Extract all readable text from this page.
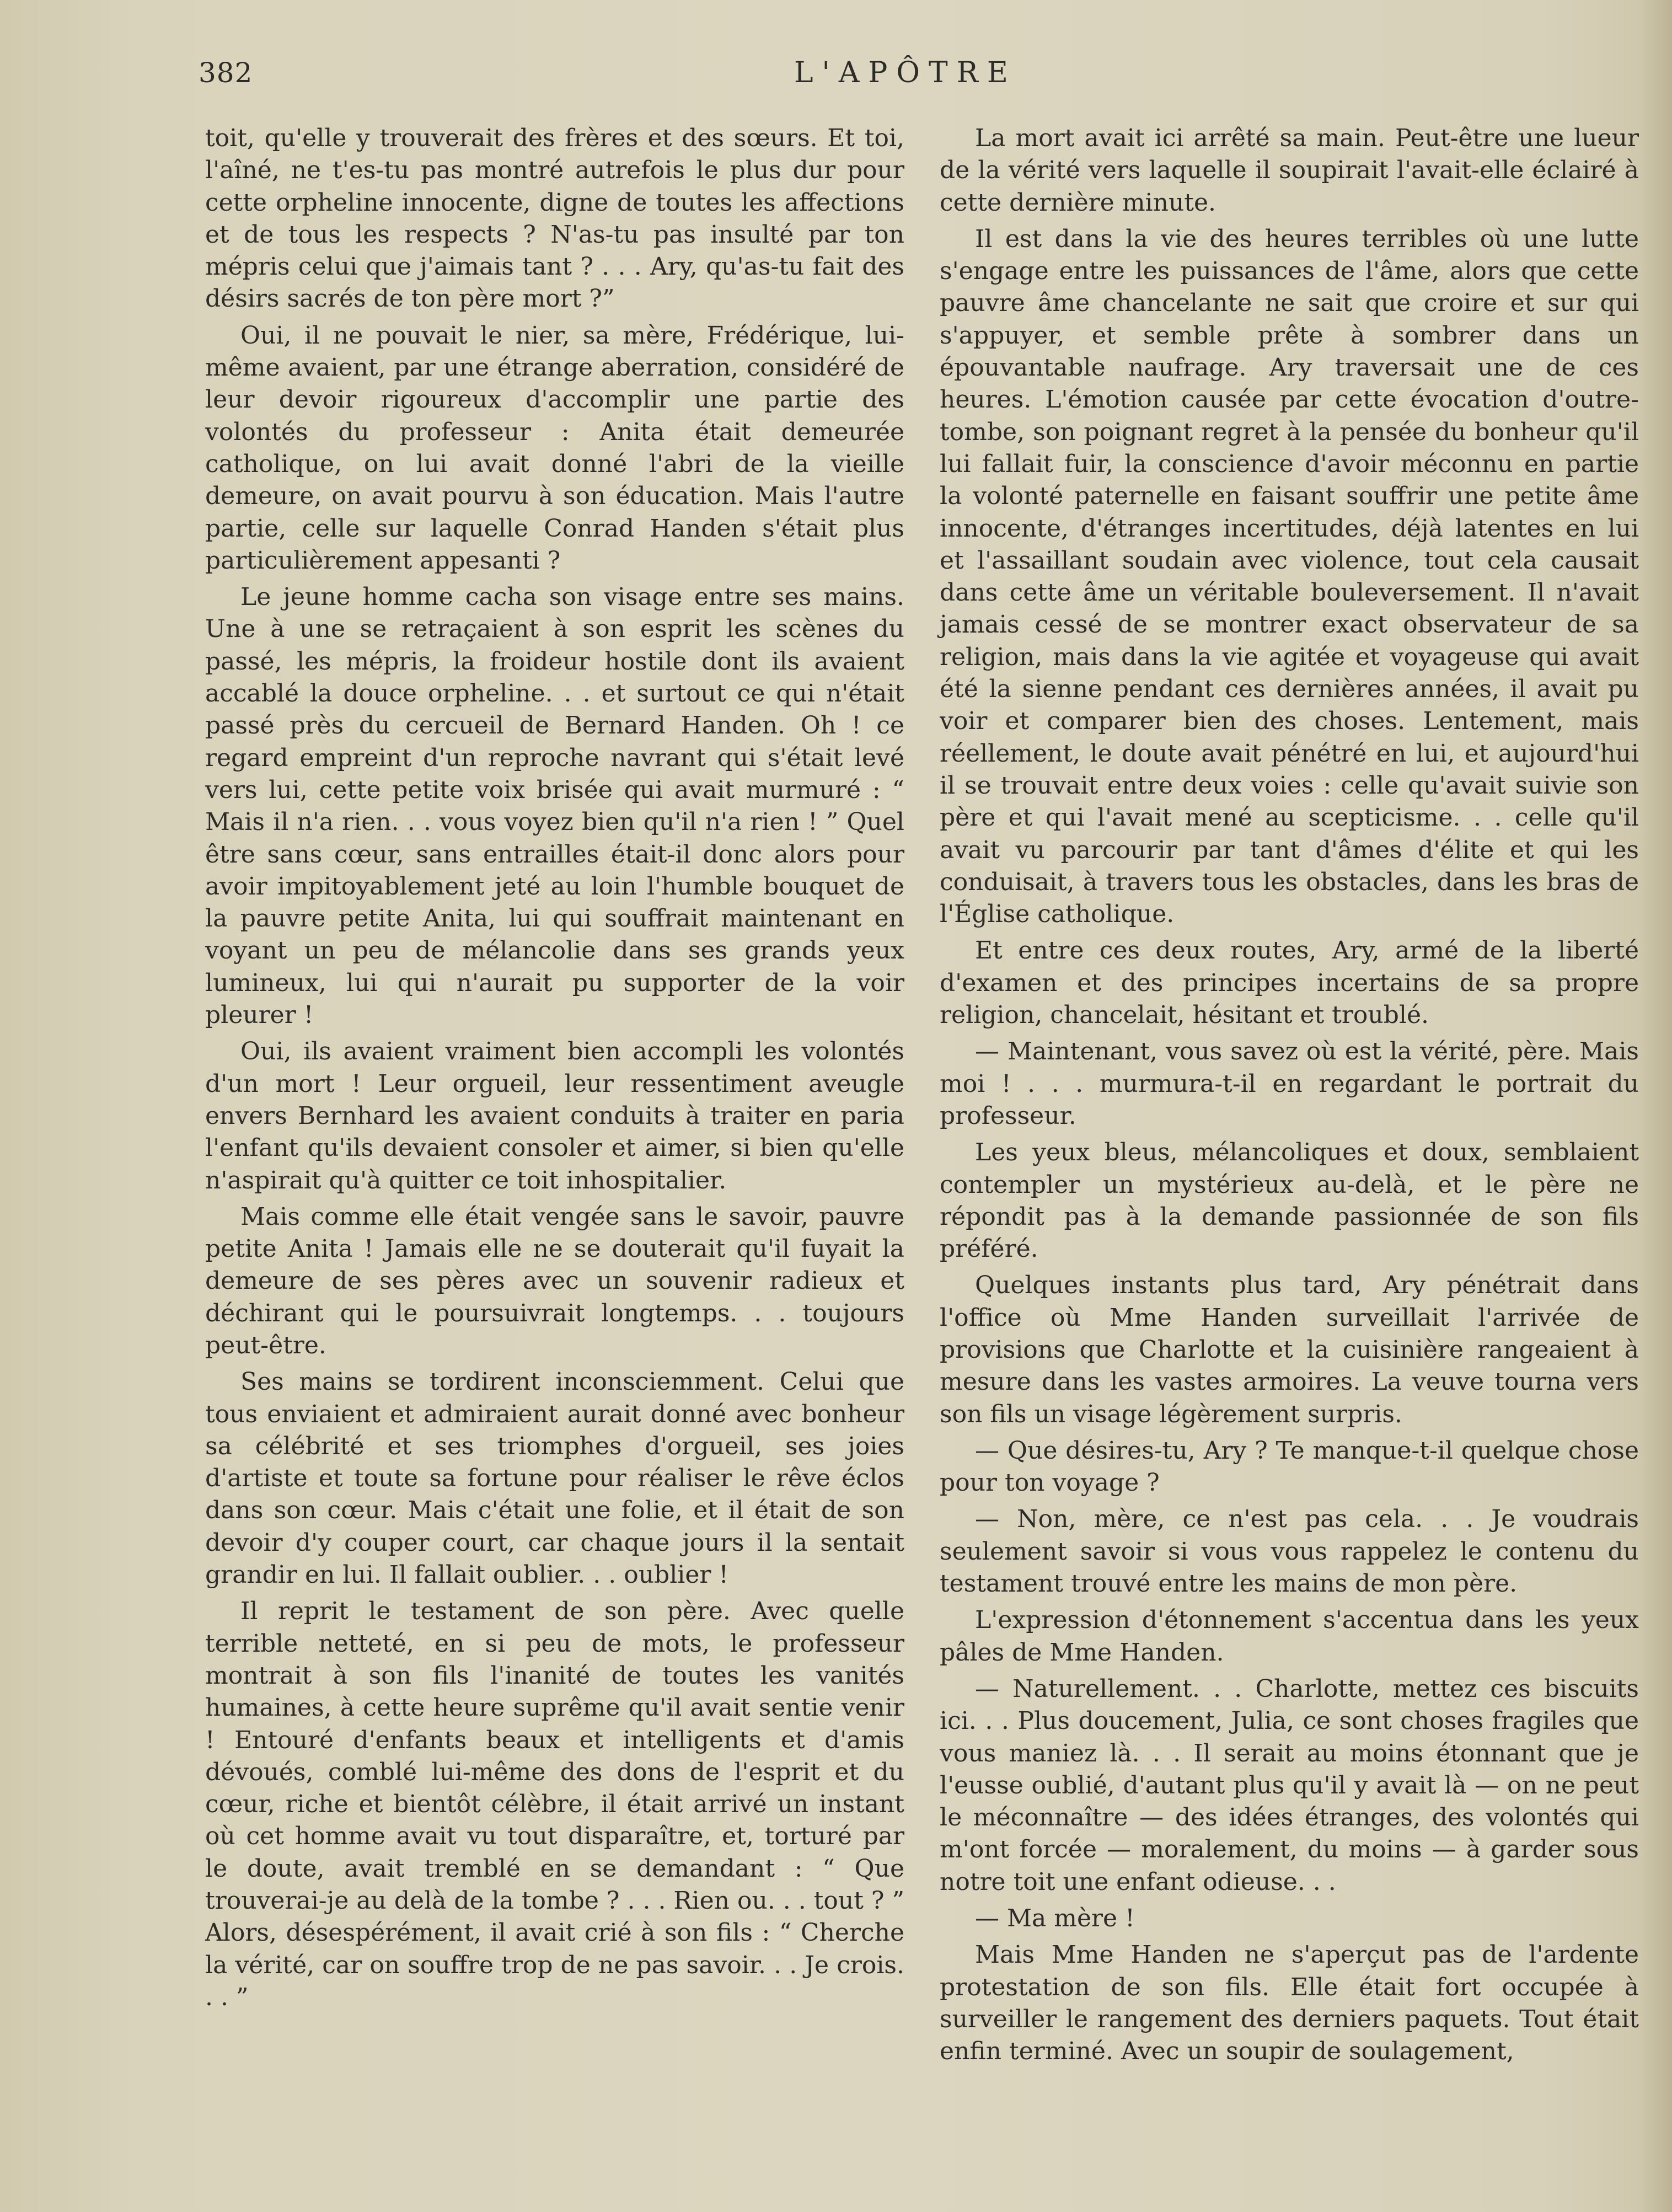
382	L'APÔTRE

toit, qu'elle y trouverait des frères et des sœurs. Et toi, l'aîné, ne t'es-tu pas montré autrefois le plus dur pour cette orpheline innocente, digne de toutes les affections et de tous les respects ? N'as-tu pas insulté par ton mépris celui que j'aimais tant ? . . . Ary, qu'as-tu fait des désirs sacrés de ton père mort ?”

Oui, il ne pouvait le nier, sa mère, Frédérique, lui-même avaient, par une étrange aberration, considéré de leur devoir rigoureux d'accomplir une partie des volontés du professeur : Anita était demeurée catholique, on lui avait donné l'abri de la vieille demeure, on avait pourvu à son éducation. Mais l'autre partie, celle sur laquelle Conrad Handen s'était plus particulièrement appesanti ?

Le jeune homme cacha son visage entre ses mains. Une à une se retraçaient à son esprit les scènes du passé, les mépris, la froideur hostile dont ils avaient accablé la douce orpheline. . . et surtout ce qui n'était passé près du cercueil de Bernard Handen. Oh ! ce regard empreint d'un reproche navrant qui s'était levé vers lui, cette petite voix brisée qui avait murmuré : “ Mais il n'a rien. . . vous voyez bien qu'il n'a rien ! ” Quel être sans cœur, sans entrailles était-il donc alors pour avoir impitoyablement jeté au loin l'humble bouquet de la pauvre petite Anita, lui qui souffrait maintenant en voyant un peu de mélancolie dans ses grands yeux lumineux, lui qui n'aurait pu supporter de la voir pleurer !

Oui, ils avaient vraiment bien accompli les volontés d'un mort ! Leur orgueil, leur ressentiment aveugle envers Bernhard les avaient conduits à traiter en paria l'enfant qu'ils devaient consoler et aimer, si bien qu'elle n'aspirait qu'à quitter ce toit inhospitalier.

Mais comme elle était vengée sans le savoir, pauvre petite Anita ! Jamais elle ne se douterait qu'il fuyait la demeure de ses pères avec un souvenir radieux et déchirant qui le poursuivrait longtemps. . . toujours peut-être.

Ses mains se tordirent inconsciemment. Celui que tous enviaient et admiraient aurait donné avec bonheur sa célébrité et ses triomphes d'orgueil, ses joies d'artiste et toute sa fortune pour réaliser le rêve éclos dans son cœur. Mais c'était une folie, et il était de son devoir d'y couper court, car chaque jours il la sentait grandir en lui. Il fallait oublier. . . oublier !

Il reprit le testament de son père. Avec quelle terrible netteté, en si peu de mots, le professeur montrait à son fils l'inanité de toutes les vanités humaines, à cette heure suprême qu'il avait sentie venir ! Entouré d'enfants beaux et intelligents et d'amis dévoués, comblé lui-même des dons de l'esprit et du cœur, riche et bientôt célèbre, il était arrivé un instant où cet homme avait vu tout disparaître, et, torturé par le doute, avait tremblé en se demandant : “ Que trouverai-je au delà de la tombe ? . . . Rien ou. . . tout ? ” Alors, désespérément, il avait crié à son fils : “ Cherche la vérité, car on souffre trop de ne pas savoir. . . Je crois. . . ”

La mort avait ici arrêté sa main. Peut-être une lueur de la vérité vers laquelle il soupirait l'avait-elle éclairé à cette dernière minute.

Il est dans la vie des heures terribles où une lutte s'engage entre les puissances de l'âme, alors que cette pauvre âme chancelante ne sait que croire et sur qui s'appuyer, et semble prête à sombrer dans un épouvantable naufrage. Ary traversait une de ces heures. L'émotion causée par cette évocation d'outre-tombe, son poignant regret à la pensée du bonheur qu'il lui fallait fuir, la conscience d'avoir méconnu en partie la volonté paternelle en faisant souffrir une petite âme innocente, d'étranges incertitudes, déjà latentes en lui et l'assaillant soudain avec violence, tout cela causait dans cette âme un véritable bouleversement. Il n'avait jamais cessé de se montrer exact observateur de sa religion, mais dans la vie agitée et voyageuse qui avait été la sienne pendant ces dernières années, il avait pu voir et comparer bien des choses. Lentement, mais réellement, le doute avait pénétré en lui, et aujourd'hui il se trouvait entre deux voies : celle qu'avait suivie son père et qui l'avait mené au scepticisme. . . celle qu'il avait vu parcourir par tant d'âmes d'élite et qui les conduisait, à travers tous les obstacles, dans les bras de l'Église catholique.

Et entre ces deux routes, Ary, armé de la liberté d'examen et des principes incertains de sa propre religion, chancelait, hésitant et troublé.

— Maintenant, vous savez où est la vérité, père. Mais moi ! . . . murmura-t-il en regardant le portrait du professeur.

Les yeux bleus, mélancoliques et doux, semblaient contempler un mystérieux au-delà, et le père ne répondit pas à la demande passionnée de son fils préféré.

Quelques instants plus tard, Ary pénétrait dans l'office où Mme Handen surveillait l'arrivée de provisions que Charlotte et la cuisinière rangeaient à mesure dans les vastes armoires. La veuve tourna vers son fils un visage légèrement surpris.

— Que désires-tu, Ary ? Te manque-t-il quelque chose pour ton voyage ?

— Non, mère, ce n'est pas cela. . . Je voudrais seulement savoir si vous vous rappelez le contenu du testament trouvé entre les mains de mon père.

L'expression d'étonnement s'accentua dans les yeux pâles de Mme Handen.

— Naturellement. . . Charlotte, mettez ces biscuits ici. . . Plus doucement, Julia, ce sont choses fragiles que vous maniez là. . . Il serait au moins étonnant que je l'eusse oublié, d'autant plus qu'il y avait là — on ne peut le méconnaître — des idées étranges, des volontés qui m'ont forcée — moralement, du moins — à garder sous notre toit une enfant odieuse. . .

— Ma mère !

Mais Mme Handen ne s'aperçut pas de l'ardente protestation de son fils. Elle était fort occupée à surveiller le rangement des derniers paquets. Tout était enfin terminé. Avec un soupir de soulagement,
